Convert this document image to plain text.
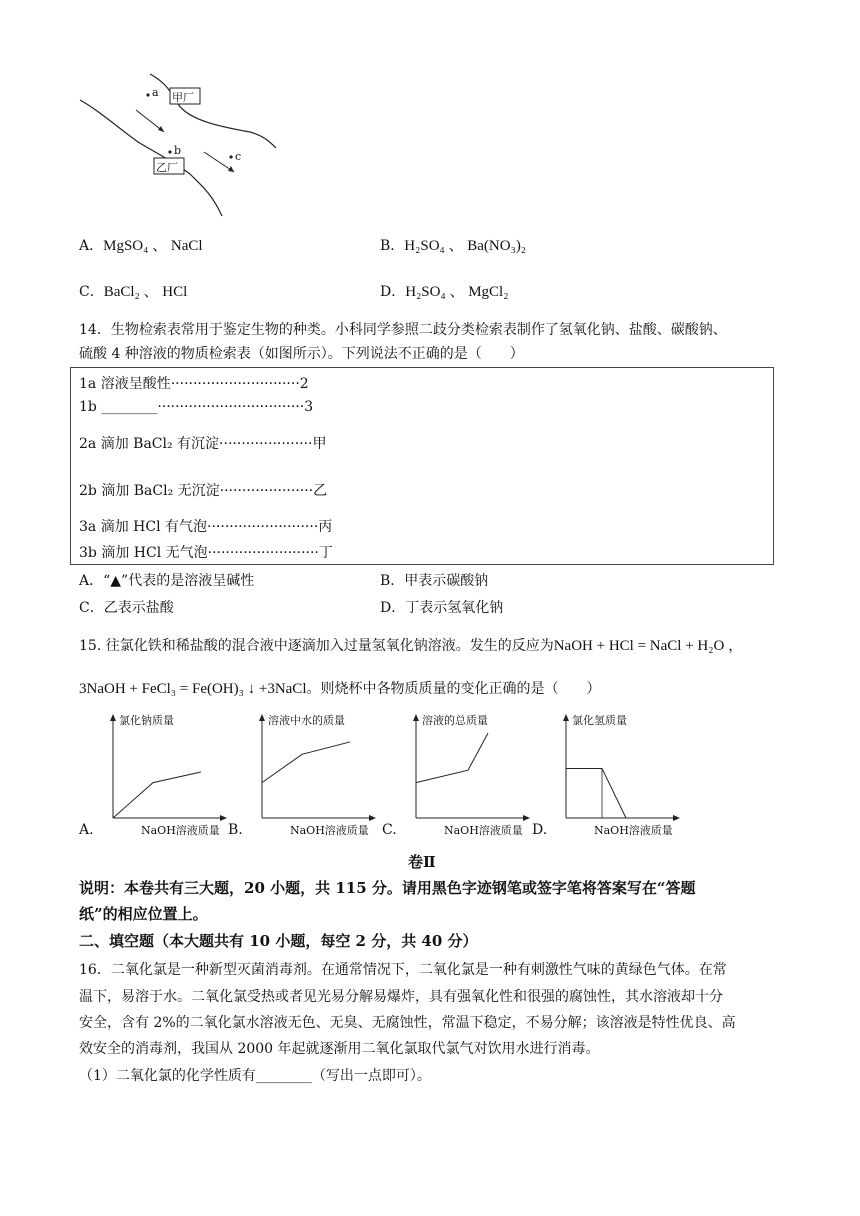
a
b	c
甲厂
乙厂
A．MgSO₄ 、 NaCl	B．H₂SO₄ 、 Ba(NO₃)₂
C．BaCl₂ 、 HCl	D．H₂SO₄ 、 MgCl₂
14．生物检索表常用于鉴定生物的种类。小科同学参照二歧分类检索表制作了氢氧化钠、盐酸、碳酸钠、
硫酸 4 种溶液的物质检索表（如图所示）。下列说法不正确的是（　　）
1a 溶液呈酸性·····························2
1b ________·································3
2a 滴加 BaCl₂ 有沉淀·····················甲
2b 滴加 BaCl₂ 无沉淀·····················乙
3a 滴加 HCl 有气泡·························丙
3b 滴加 HCl 无气泡·························丁
A．“▲”代表的是溶液呈碱性	B．甲表示碳酸钠
C．乙表示盐酸	D．丁表示氢氧化钠
15. 往氯化铁和稀盐酸的混合液中逐滴加入过量氢氧化钠溶液。发生的反应为NaOH + HCl = NaCl + H₂O ，
3NaOH + FeCl₃ = Fe(OH)₃ ↓ +3NaCl。则烧杯中各物质质量的变化正确的是（　　）
氯化钠质量
NaOH溶液质量
A.
溶液中水的质量
NaOH溶液质量
B.
溶液的总质量
NaOH溶液质量
C.
氯化氢质量
NaOH溶液质量
D.
卷Ⅱ
说明：本卷共有三大题，20 小题，共 115 分。请用黑色字迹钢笔或签字笔将答案写在“答题
纸”的相应位置上。
二、填空题（本大题共有 10 小题，每空 2 分，共 40 分）
16．二氧化氯是一种新型灭菌消毒剂。在通常情况下，二氧化氯是一种有刺激性气味的黄绿色气体。在常
温下，易溶于水。二氧化氯受热或者见光易分解易爆炸，具有强氧化性和很强的腐蚀性，其水溶液却十分
安全，含有 2%的二氧化氯水溶液无色、无臭、无腐蚀性，常温下稳定，不易分解；该溶液是特性优良、高
效安全的消毒剂，我国从 2000 年起就逐渐用二氧化氯取代氯气对饮用水进行消毒。
（1）二氧化氯的化学性质有________（写出一点即可）。
